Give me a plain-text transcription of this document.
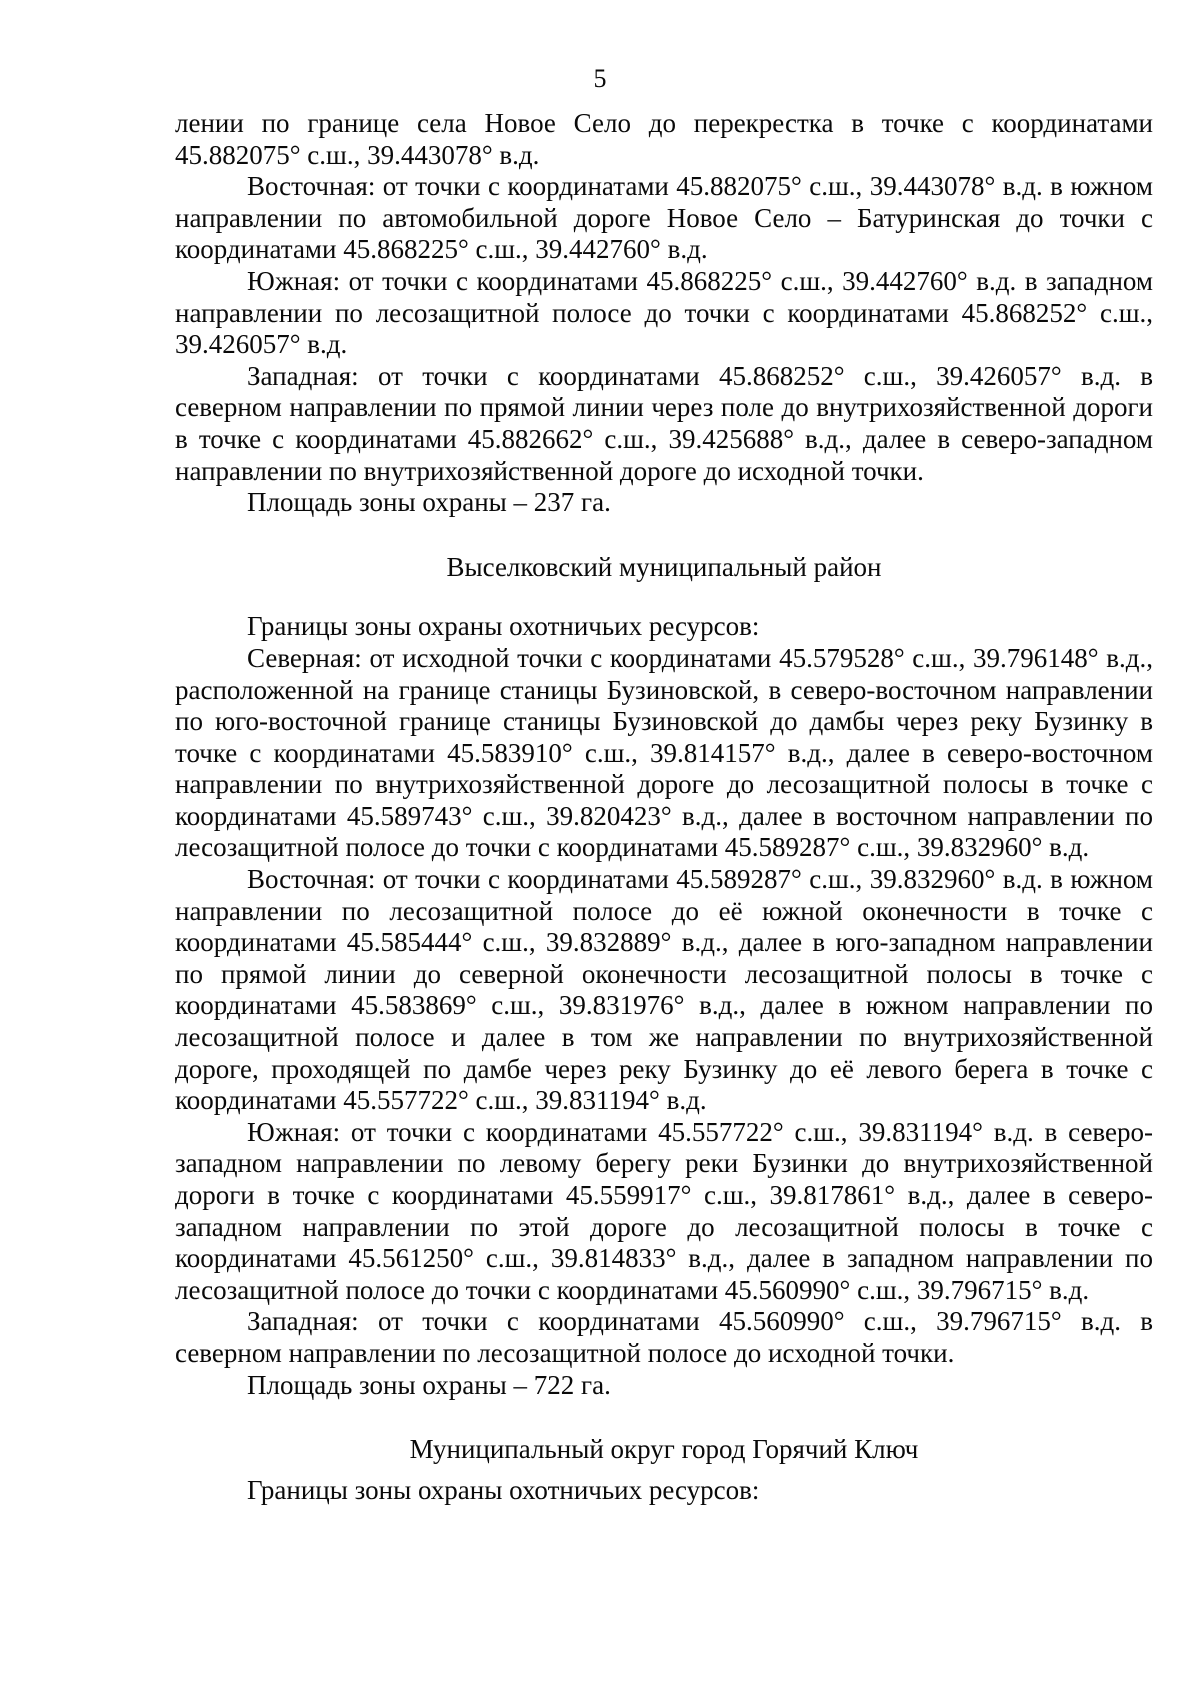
5

лении по границе села Новое Село до перекрестка в точке с координатами 45.882075° с.ш., 39.443078° в.д.

Восточная: от точки с координатами 45.882075° с.ш., 39.443078° в.д. в южном направлении по автомобильной дороге Новое Село – Батуринская до точки с координатами 45.868225° с.ш., 39.442760° в.д.

Южная: от точки с координатами 45.868225° с.ш., 39.442760° в.д. в западном направлении по лесозащитной полосе до точки с координатами 45.868252° с.ш., 39.426057° в.д.

Западная: от точки с координатами 45.868252° с.ш., 39.426057° в.д. в северном направлении по прямой линии через поле до внутрихозяйственной дороги в точке с координатами 45.882662° с.ш., 39.425688° в.д., далее в северо-западном направлении по внутрихозяйственной дороге до исходной точки.

Площадь зоны охраны – 237 га.

Выселковский муниципальный район

Границы зоны охраны охотничьих ресурсов:

Северная: от исходной точки с координатами 45.579528° с.ш., 39.796148° в.д., расположенной на границе станицы Бузиновской, в северо-восточном направлении по юго-восточной границе станицы Бузиновской до дамбы через реку Бузинку в точке с координатами 45.583910° с.ш., 39.814157° в.д., далее в северо-восточном направлении по внутрихозяйственной дороге до лесозащитной полосы в точке с координатами 45.589743° с.ш., 39.820423° в.д., далее в восточном направлении по лесозащитной полосе до точки с координатами 45.589287° с.ш., 39.832960° в.д.

Восточная: от точки с координатами 45.589287° с.ш., 39.832960° в.д. в южном направлении по лесозащитной полосе до её южной оконечности в точке с координатами 45.585444° с.ш., 39.832889° в.д., далее в юго-западном направлении по прямой линии до северной оконечности лесозащитной полосы в точке с координатами 45.583869° с.ш., 39.831976° в.д., далее в южном направлении по лесозащитной полосе и далее в том же направлении по внутрихозяйственной дороге, проходящей по дамбе через реку Бузинку до её левого берега в точке с координатами 45.557722° с.ш., 39.831194° в.д.

Южная: от точки с координатами 45.557722° с.ш., 39.831194° в.д. в северо-западном направлении по левому берегу реки Бузинки до внутрихозяйственной дороги в точке с координатами 45.559917° с.ш., 39.817861° в.д., далее в северо-западном направлении по этой дороге до лесозащитной полосы в точке с координатами 45.561250° с.ш., 39.814833° в.д., далее в западном направлении по лесозащитной полосе до точки с координатами 45.560990° с.ш., 39.796715° в.д.

Западная: от точки с координатами 45.560990° с.ш., 39.796715° в.д. в северном направлении по лесозащитной полосе до исходной точки.

Площадь зоны охраны – 722 га.

Муниципальный округ город Горячий Ключ

Границы зоны охраны охотничьих ресурсов:
